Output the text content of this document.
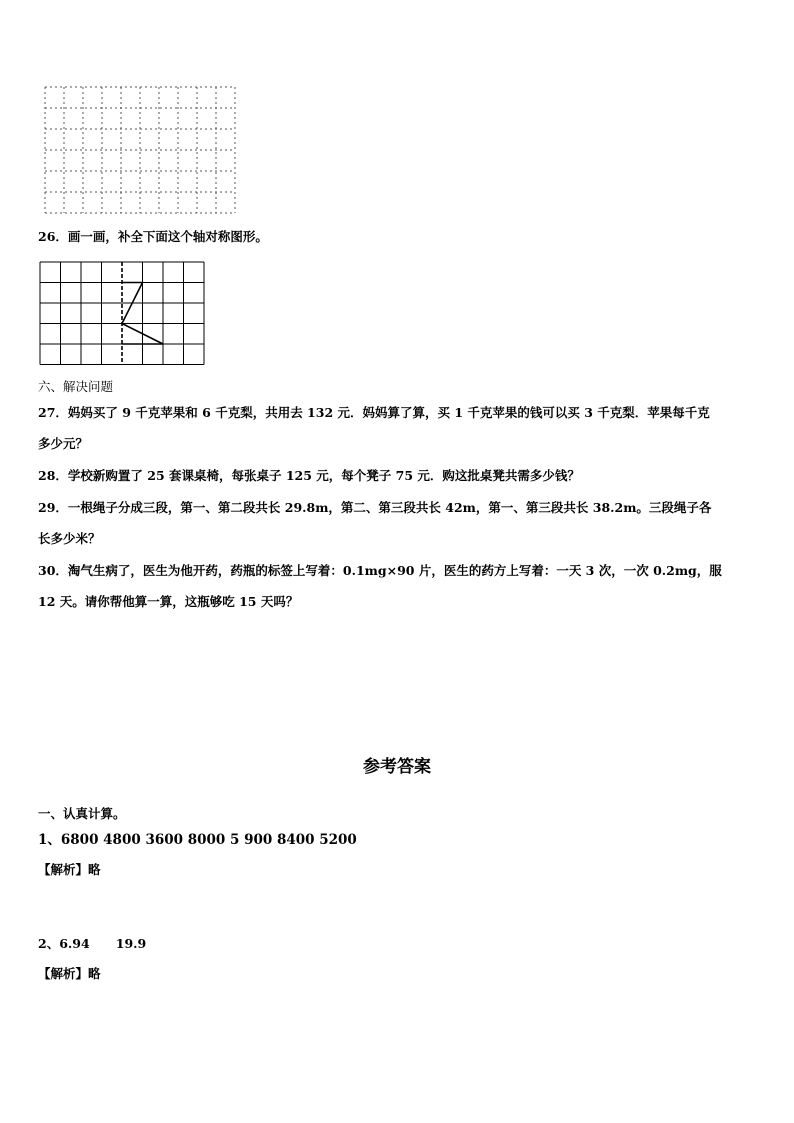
26．画一画，补全下面这个轴对称图形。
六、解决问题
27．妈妈买了 9 千克苹果和 6 千克梨，共用去 132 元．妈妈算了算，买 1 千克苹果的钱可以买 3 千克梨．苹果每千克
多少元？
28．学校新购置了 25 套课桌椅，每张桌子 125 元，每个凳子 75 元．购这批桌凳共需多少钱？
29．一根绳子分成三段，第一、第二段共长 29.8m，第二、第三段共长 42m，第一、第三段共长 38.2m。三段绳子各
长多少米？
30．淘气生病了，医生为他开药，药瓶的标签上写着：0.1mg×90 片，医生的药方上写着：一天 3 次，一次 0.2mg，服
12 天。请你帮他算一算，这瓶够吃 15 天吗？
参考答案
一、认真计算。
1、6800 4800 3600 8000 5 900 8400 5200
【解析】略
2、6.94      19.9
【解析】略
